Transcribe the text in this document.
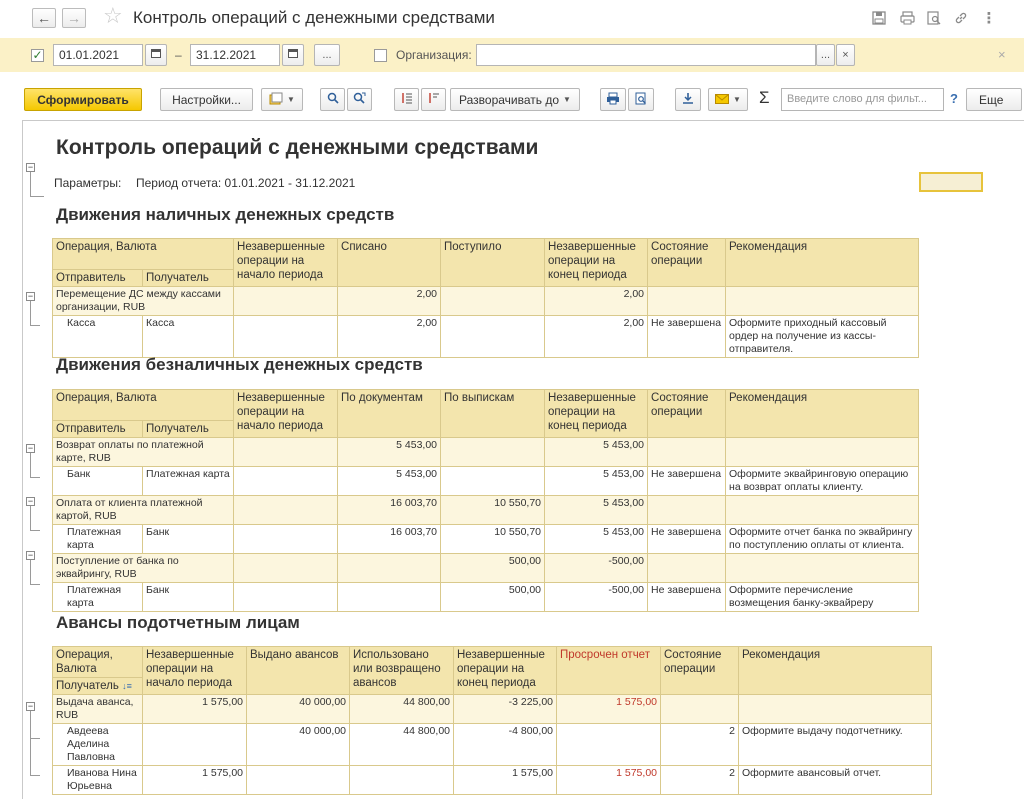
← → ☆ Контроль операций с денежными средствами	⋮
✓	01.01.2021	–	31.12.2021	...	Организация:	...	×	×
Сформировать	Настройки...	▼	Разворачивать до ▼	▼ Σ	Введите слово для фильт...	?	Еще
−
Контроль операций с денежными средствами
Параметры: Период отчета: 01.01.2021 - 31.12.2021
Движения наличных денежных средств
−
Операция, Валюта		Незавершенные операции на начало периода	Списано	Поступило	Незавершенные операции на конец периода	Состояние операции	Рекомендация
Отправитель	Получатель						
Перемещение ДС между кассами организации, RUB			2,00		2,00		
Касса	Касса		2,00		2,00	Не завершена	Оформите приходный кассовый ордер на получение из кассы-отправителя.
Движения безналичных денежных средств
−
−
−
Операция, Валюта		Незавершенные операции на начало периода	По документам	По выпискам	Незавершенные операции на конец периода	Состояние операции	Рекомендация
Отправитель	Получатель						
Возврат оплаты по платежной карте, RUB			5 453,00		5 453,00		
Банк	Платежная карта		5 453,00		5 453,00	Не завершена	Оформите эквайринговую операцию на возврат оплаты клиенту.
Оплата от клиента платежной картой, RUB			16 003,70	10 550,70	5 453,00		
Платежная карта	Банк		16 003,70	10 550,70	5 453,00	Не завершена	Оформите отчет банка по эквайрингу по поступлению оплаты от клиента.
Поступление от банка по эквайрингу, RUB				500,00	-500,00		
Платежная карта	Банк			500,00	-500,00	Не завершена	Оформите перечисление возмещения банку-эквайреру
Авансы подотчетным лицам
−
Операция, Валюта	Незавершенные операции на начало периода	Выдано авансов	Использовано или возвращено авансов	Незавершенные операции на конец периода	Просрочен отчет	Состояние операции	Рекомендация
Получатель ↓≡							
Выдача аванса, RUB	1 575,00	40 000,00	44 800,00	-3 225,00	1 575,00		
Авдеева Аделина Павловна		40 000,00	44 800,00	-4 800,00		2	Оформите выдачу подотчетнику.
Иванова Нина Юрьевна	1 575,00			1 575,00	1 575,00	2	Оформите авансовый отчет.
